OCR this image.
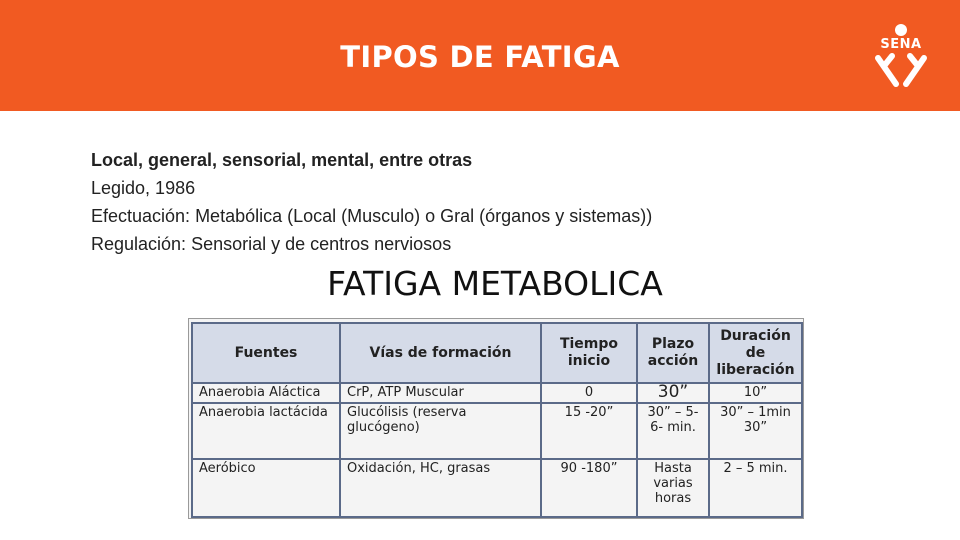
TIPOS DE FATIGA	SENA
Local, general, sensorial, mental, entre otras
Legido, 1986
Efectuación: Metabólica (Local (Musculo) o Gral (órganos y sistemas))
Regulación: Sensorial y de centros nerviosos
FATIGA METABOLICA
Fuentes	Vías de formación	Tiempo inicio	Plazo acción	Duración de liberación
Anaerobia Aláctica	CrP, ATP Muscular	0	30”	10”
Anaerobia lactácida	Glucólisis (reserva glucógeno)	15 -20”	30” – 5-6- min.	30” – 1min 30”
Aeróbico	Oxidación, HC, grasas	90 -180”	Hasta varias horas	2 – 5 min.
